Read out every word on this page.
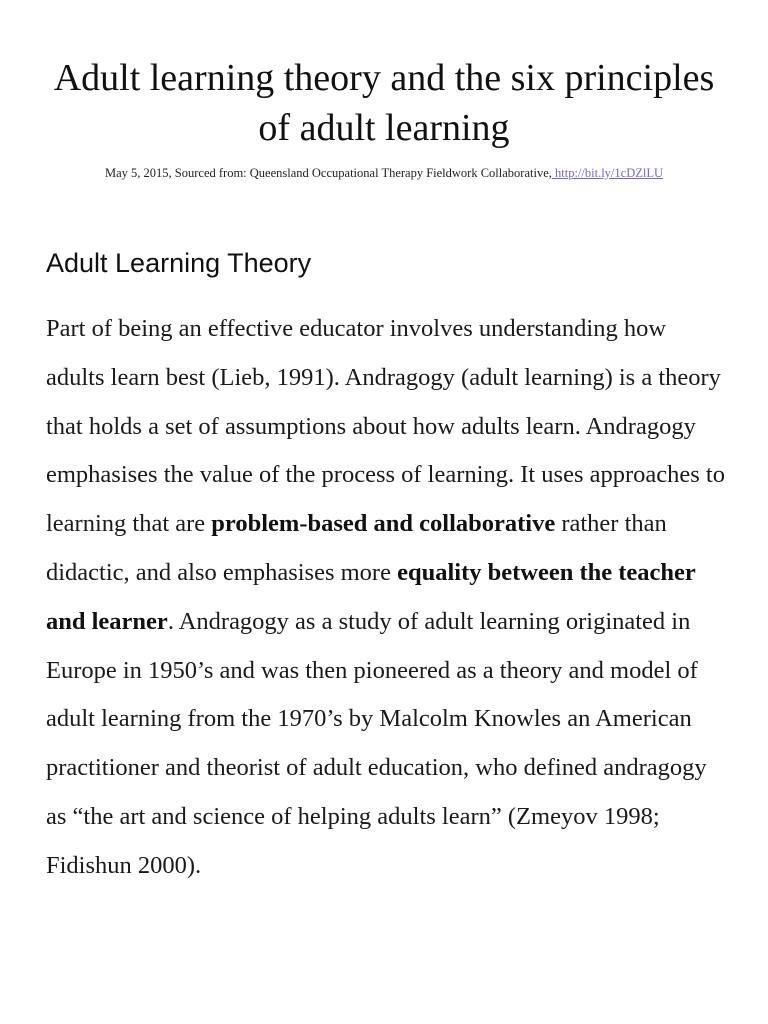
Adult learning theory and the six principles of adult learning
May 5, 2015, Sourced from: Queensland Occupational Therapy Fieldwork Collaborative, http://bit.ly/1cDZlLU
Adult Learning Theory

Part of being an effective educator involves understanding how adults learn best (Lieb, 1991). Andragogy (adult learning) is a theory that holds a set of assumptions about how adults learn. Andragogy emphasises the value of the process of learning. It uses approaches to learning that are problem-based and collaborative rather than didactic, and also emphasises more equality between the teacher and learner. Andragogy as a study of adult learning originated in Europe in 1950’s and was then pioneered as a theory and model of adult learning from the 1970’s by Malcolm Knowles an American practitioner and theorist of adult education, who defined andragogy as “the art and science of helping adults learn” (Zmeyov 1998; Fidishun 2000).
